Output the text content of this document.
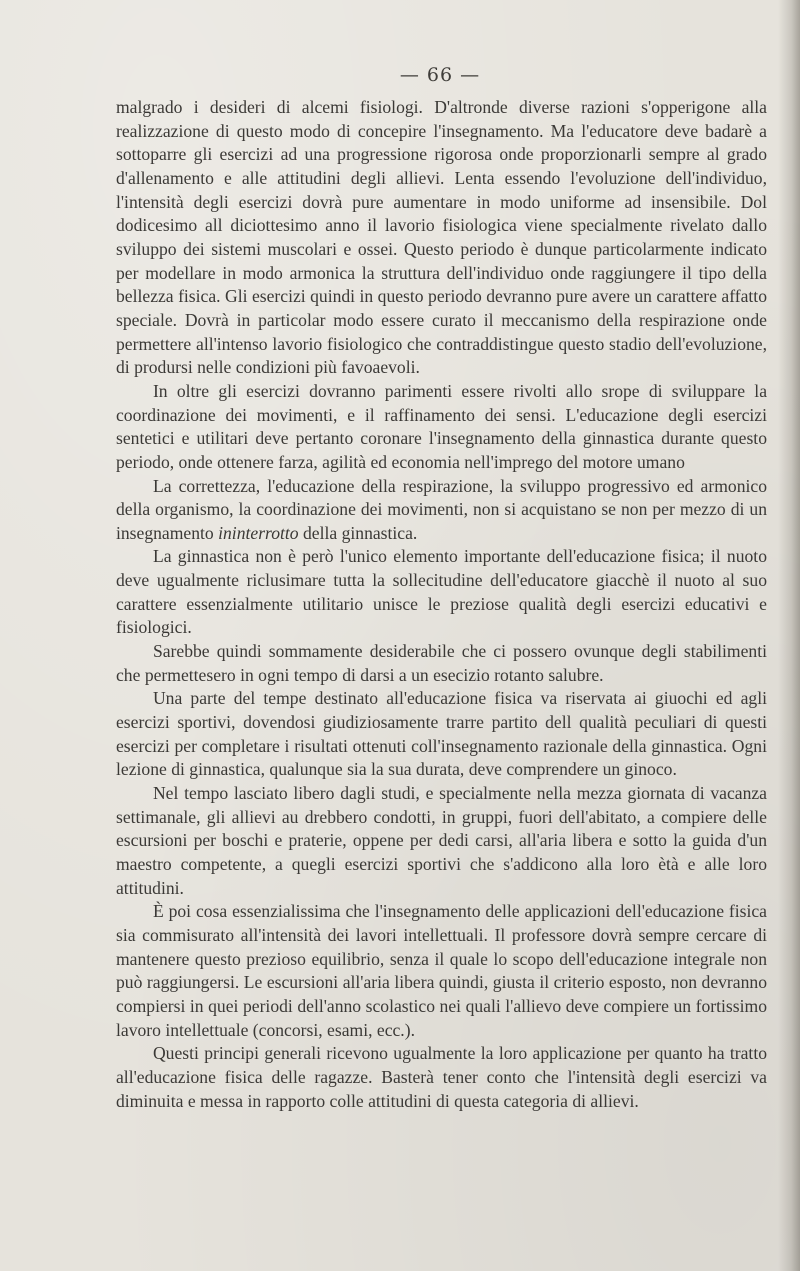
— 66 —

malgrado i desideri di alcemi fisiologi. D'altronde diverse razioni s'opperigone alla realizzazione di questo modo di concepire l'insegnamento. Ma l'educatore deve badarè a sottoparre gli esercizi ad una progressione rigorosa onde proporzionarli sempre al grado d'allenamento e alle attitudini degli allievi. Lenta essendo l'evoluzione dell'individuo, l'intensità degli esercizi dovrà pure aumentare in modo uniforme ad insensibile. Dol dodicesimo all diciottesimo anno il lavorio fisiologica viene specialmente rivelato dallo sviluppo dei sistemi muscolari e ossei. Questo periodo è dunque particolarmente indicato per modellare in modo armonica la struttura dell'individuo onde raggiungere il tipo della bellezza fisica. Gli esercizi quindi in questo periodo devranno pure avere un carattere affatto speciale. Dovrà in particolar modo essere curato il meccanismo della respirazione onde permettere all'intenso lavorio fisiologico che contraddistingue questo stadio dell'evoluzione, di prodursi nelle condizioni più favoaevoli.

In oltre gli esercizi dovranno parimenti essere rivolti allo srope di sviluppare la coordinazione dei movimenti, e il raffinamento dei sensi. L'educazione degli esercizi sentetici e utilitari deve pertanto coronare l'insegnamento della ginnastica durante questo periodo, onde ottenere farza, agilità ed economia nell'imprego del motore umano

La correttezza, l'educazione della respirazione, la sviluppo progressivo ed armonico della organismo, la coordinazione dei movimenti, non si acquistano se non per mezzo di un insegnamento ininterrotto della ginnastica.

La ginnastica non è però l'unico elemento importante dell'educazione fisica; il nuoto deve ugualmente riclusimare tutta la sollecitudine dell'educatore giacchè il nuoto al suo carattere essenzialmente utilitario unisce le preziose qualità degli esercizi educativi e fisiologici.

Sarebbe quindi sommamente desiderabile che ci possero ovunque degli stabilimenti che permettesero in ogni tempo di darsi a un esecizio rotanto salubre.

Una parte del tempe destinato all'educazione fisica va riservata ai giuochi ed agli esercizi sportivi, dovendosi giudiziosamente trarre partito dell qualità peculiari di questi esercizi per completare i risultati ottenuti coll'insegnamento razionale della ginnastica. Ogni lezione di ginnastica, qualunque sia la sua durata, deve comprendere un ginoco.

Nel tempo lasciato libero dagli studi, e specialmente nella mezza giornata di vacanza settimanale, gli allievi au drebbero condotti, in gruppi, fuori dell'abitato, a compiere delle escursioni per boschi e praterie, oppene per dedi carsi, all'aria libera e sotto la guida d'un maestro competente, a quegli esercizi sportivi che s'addicono alla loro ètà e alle loro attitudini.

È poi cosa essenzialissima che l'insegnamento delle applicazioni dell'educazione fisica sia commisurato all'intensità dei lavori intellettuali. Il professore dovrà sempre cercare di mantenere questo prezioso equilibrio, senza il quale lo scopo dell'educazione integrale non può raggiungersi. Le escursioni all'aria libera quindi, giusta il criterio esposto, non devranno compiersi in quei periodi dell'anno scolastico nei quali l'allievo deve compiere un fortissimo lavoro intellettuale (concorsi, esami, ecc.).

Questi principi generali ricevono ugualmente la loro applicazione per quanto ha tratto all'educazione fisica delle ragazze. Basterà tener conto che l'intensità degli esercizi va diminuita e messa in rapporto colle attitudini di questa categoria di allievi.
